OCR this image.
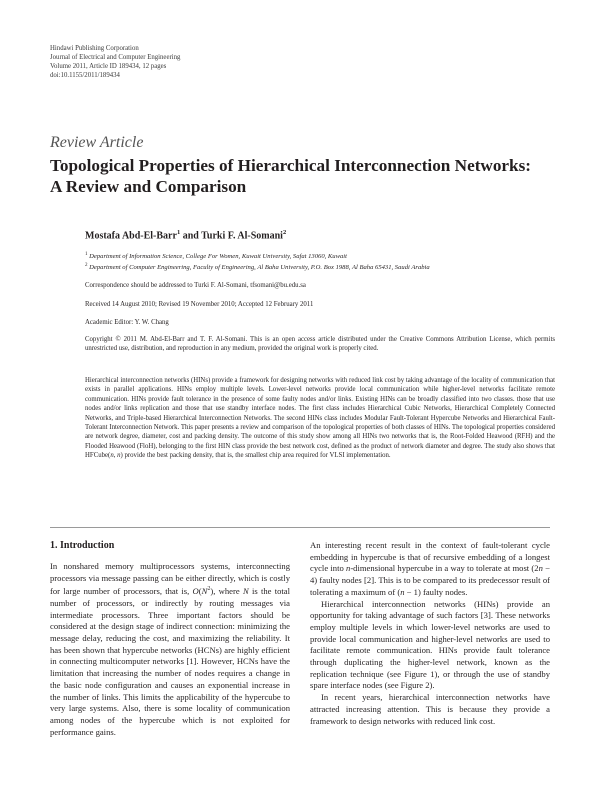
Hindawi Publishing Corporation
Journal of Electrical and Computer Engineering
Volume 2011, Article ID 189434, 12 pages
doi:10.1155/2011/189434
Review Article
Topological Properties of Hierarchical Interconnection Networks:
A Review and Comparison
Mostafa Abd-El-Barr$^1$ and Turki F. Al-Somani$^2$
$^1$ Department of Information Science, College For Women, Kuwait University, Safat 13060, Kuwait
$^2$ Department of Computer Engineering, Faculty of Engineering, Al Baha University, P.O. Box 1988, Al Baha 65431, Saudi Arabia
Correspondence should be addressed to Turki F. Al-Somani, tfsomani@bu.edu.sa
Received 14 August 2010; Revised 19 November 2010; Accepted 12 February 2011
Academic Editor: Y. W. Chang
Copyright © 2011 M. Abd-El-Barr and T. F. Al-Somani. This is an open access article distributed under the Creative Commons Attribution License, which permits unrestricted use, distribution, and reproduction in any medium, provided the original work is properly cited.
Hierarchical interconnection networks (HINs) provide a framework for designing networks with reduced link cost by taking advantage of the locality of communication that exists in parallel applications. HINs employ multiple levels. Lower-level networks provide local communication while higher-level networks facilitate remote communication. HINs provide fault tolerance in the presence of some faulty nodes and/or links. Existing HINs can be broadly classified into two classes. those that use nodes and/or links replication and those that use standby interface nodes. The first class includes Hierarchical Cubic Networks, Hierarchical Completely Connected Networks, and Triple-based Hierarchical Interconnection Networks. The second HINs class includes Modular Fault-Tolerant Hypercube Networks and Hierarchical Fault-Tolerant Interconnection Network. This paper presents a review and comparison of the topological properties of both classes of HINs. The topological properties considered are network degree, diameter, cost and packing density. The outcome of this study show among all HINs two networks that is, the Root-Folded Heawood (RFH) and the Flooded Heawood (FloH), belonging to the first HIN class provide the best network cost, defined as the product of network diameter and degree. The study also shows that HFCube(n, n) provide the best packing density, that is, the smallest chip area required for VLSI implementation.
1. Introduction

In nonshared memory multiprocessors systems, interconnecting processors via message passing can be either directly, which is costly for large number of processors, that is, $O(N^2)$, where N is the total number of processors, or indirectly by routing messages via intermediate processors. Three important factors should be considered at the design stage of indirect connection: minimizing the message delay, reducing the cost, and maximizing the reliability. It has been shown that hypercube networks (HCNs) are highly efficient in connecting multicomputer networks [1]. However, HCNs have the limitation that increasing the number of nodes requires a change in the basic node configuration and causes an exponential increase in the number of links. This limits the applicability of the hypercube to very large systems. Also, there is some locality of communication among nodes of the hypercube which is not exploited for performance gains.

An interesting recent result in the context of fault-tolerant cycle embedding in hypercube is that of recursive embedding of a longest cycle into n-dimensional hypercube in a way to tolerate at most (2n − 4) faulty nodes [2]. This is to be compared to its predecessor result of tolerating a maximum of (n − 1) faulty nodes.

Hierarchical interconnection networks (HINs) provide an opportunity for taking advantage of such factors [3]. These networks employ multiple levels in which lower-level networks are used to provide local communication and higher-level networks are used to facilitate remote communication. HINs provide fault tolerance through duplicating the higher-level network, known as the replication technique (see Figure 1), or through the use of standby spare interface nodes (see Figure 2).

In recent years, hierarchical interconnection networks have attracted increasing attention. This is because they provide a framework to design networks with reduced link cost.
